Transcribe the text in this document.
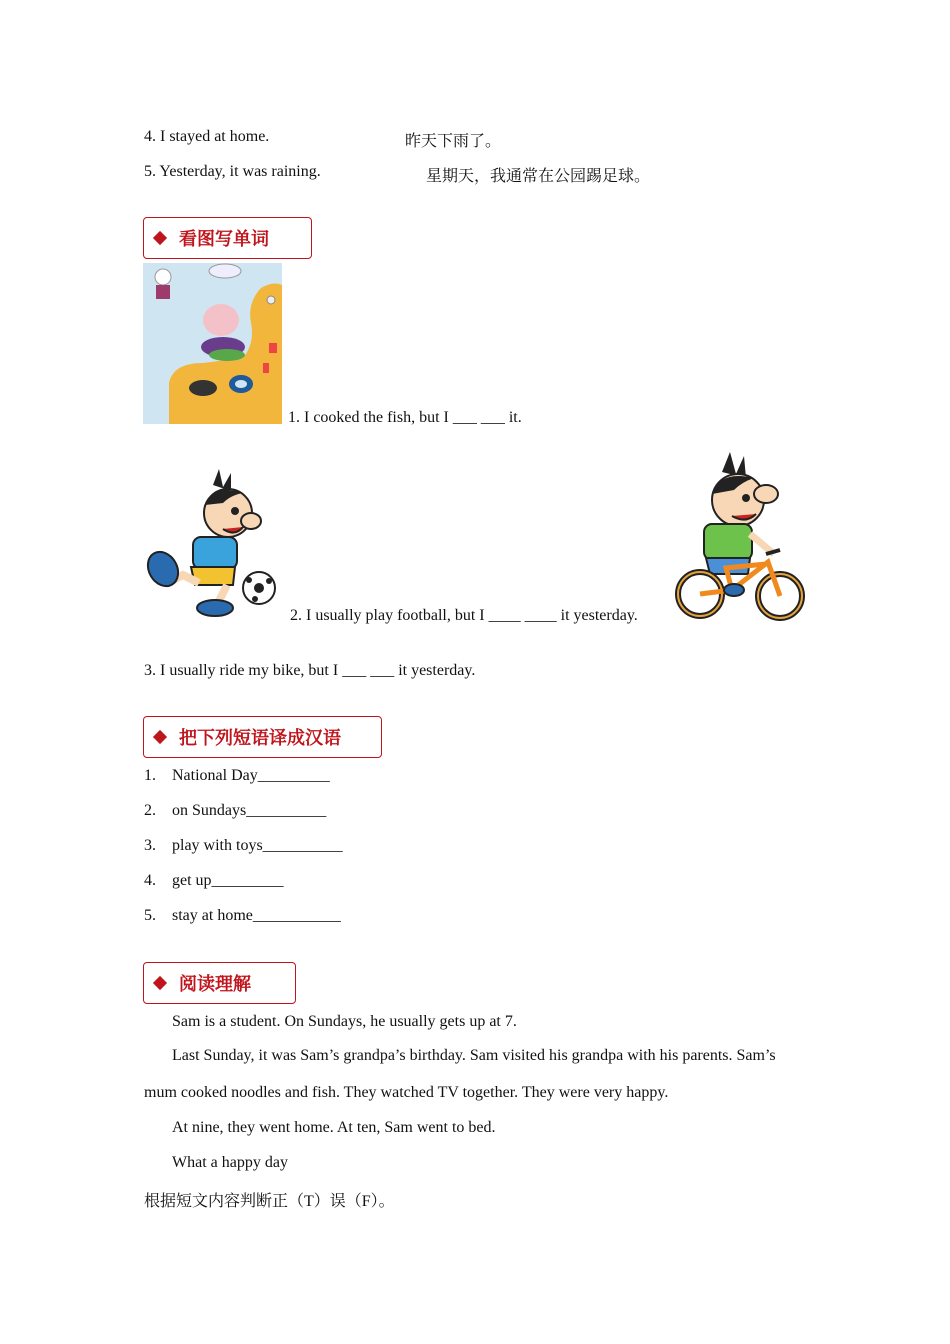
4. I stayed at home.	昨天下雨了。
5. Yesterday, it was raining.	星期天，我通常在公园踢足球。
看图写单词
1. I cooked the fish, but I ___ ___ it.
2. I usually play football, but I ____ ____ it yesterday.
3. I usually ride my bike, but I ___ ___ it yesterday.
把下列短语译成汉语
1. National Day_________
2. on Sundays__________
3. play with toys__________
4. get up_________
5. stay at home___________
阅读理解
Sam is a student. On Sundays, he usually gets up at 7.
Last Sunday, it was Sam’s grandpa’s birthday. Sam visited his grandpa with his parents. Sam’s
mum cooked noodles and fish. They watched TV together. They were very happy.
At nine, they went home. At ten, Sam went to bed.
What a happy day
根据短文内容判断正（T）误（F）。
